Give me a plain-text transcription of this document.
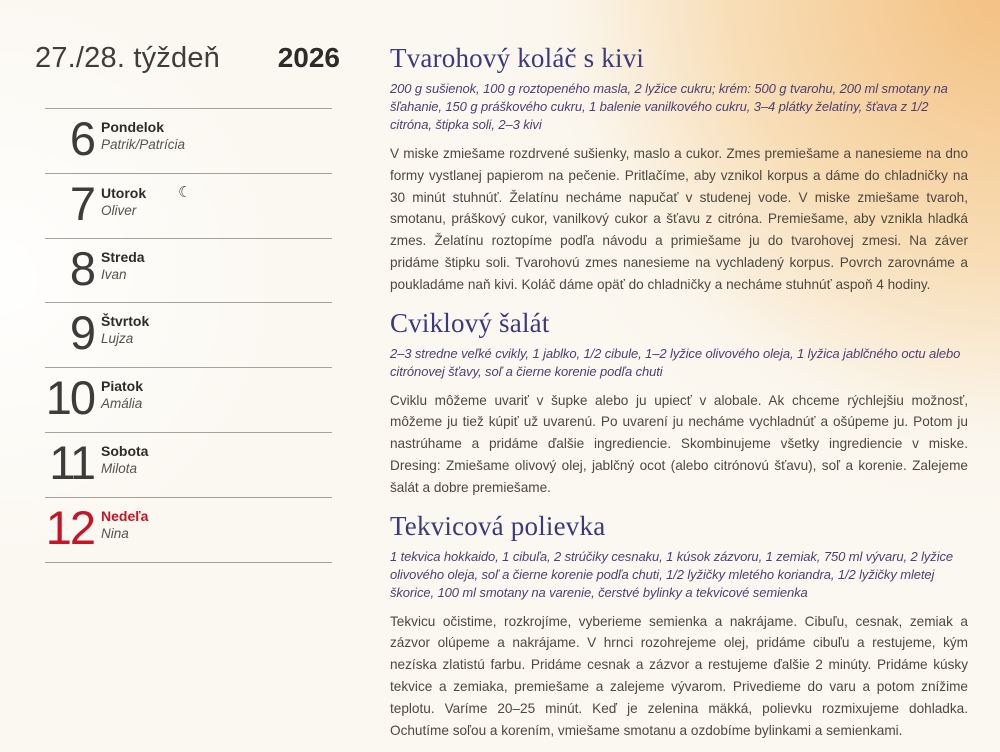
27./28. týždeň 2026
6 Pondelok
Patrik/Patrícia
7 Utorok ☾
Oliver
8 Streda
Ivan
9 Štvrtok
Lujza
10 Piatok
Amália
11 Sobota
Milota
12 Nedeľa
Nina
Tvarohový koláč s kivi

200 g sušienok, 100 g roztopeného masla, 2 lyžice cukru; krém: 500 g tvarohu, 200 ml smotany na šľahanie, 150 g práškového cukru, 1 balenie vanilkového cukru, 3–4 plátky želatíny, šťava z 1/2 citróna, štipka soli, 2–3 kivi

V miske zmiešame rozdrvené sušienky, maslo a cukor. Zmes premiešame a nanesieme na dno formy vystlanej papierom na pečenie. Pritlačíme, aby vznikol korpus a dáme do chladničky na 30 minút stuhnúť. Želatínu necháme napučať v studenej vode. V miske zmiešame tvaroh, smotanu, práškový cukor, vanilkový cukor a šťavu z citróna. Premiešame, aby vznikla hladká zmes. Želatínu roztopíme podľa návodu a primiešame ju do tvarohovej zmesi. Na záver pridáme štipku soli. Tvarohovú zmes nanesieme na vychladený korpus. Povrch zarovnáme a poukladáme naň kivi. Koláč dáme opäť do chladničky a necháme stuhnúť aspoň 4 hodiny.

Cviklový šalát

2–3 stredne veľké cvikly, 1 jablko, 1/2 cibule, 1–2 lyžice olivového oleja, 1 lyžica jablčného octu alebo citrónovej šťavy, soľ a čierne korenie podľa chuti

Cviklu môžeme uvariť v šupke alebo ju upiecť v alobale. Ak chceme rýchlejšiu možnosť, môžeme ju tiež kúpiť už uvarenú. Po uvarení ju necháme vychladnúť a ošúpeme ju. Potom ju nastrúhame a pridáme ďalšie ingrediencie. Skombinujeme všetky ingrediencie v miske. Dresing: Zmiešame olivový olej, jablčný ocot (alebo citrónovú šťavu), soľ a korenie. Zalejeme šalát a dobre premiešame.

Tekvicová polievka

1 tekvica hokkaido, 1 cibuľa, 2 strúčiky cesnaku, 1 kúsok zázvoru, 1 zemiak, 750 ml vývaru, 2 lyžice olivového oleja, soľ a čierne korenie podľa chuti, 1/2 lyžičky mletého koriandra, 1/2 lyžičky mletej škorice, 100 ml smotany na varenie, čerstvé bylinky a tekvicové semienka

Tekvicu očistime, rozkrojíme, vyberieme semienka a nakrájame. Cibuľu, cesnak, zemiak a zázvor olúpeme a nakrájame. V hrnci rozohrejeme olej, pridáme cibuľu a restujeme, kým nezíska zlatistú farbu. Pridáme cesnak a zázvor a restujeme ďalšie 2 minúty. Pridáme kúsky tekvice a zemiaka, premiešame a zalejeme vývarom. Privedieme do varu a potom znížime teplotu. Varíme 20–25 minút. Keď je zelenina mäkká, polievku rozmixujeme dohladka. Ochutíme soľou a korením, vmiešame smotanu a ozdobíme bylinkami a semienkami.
